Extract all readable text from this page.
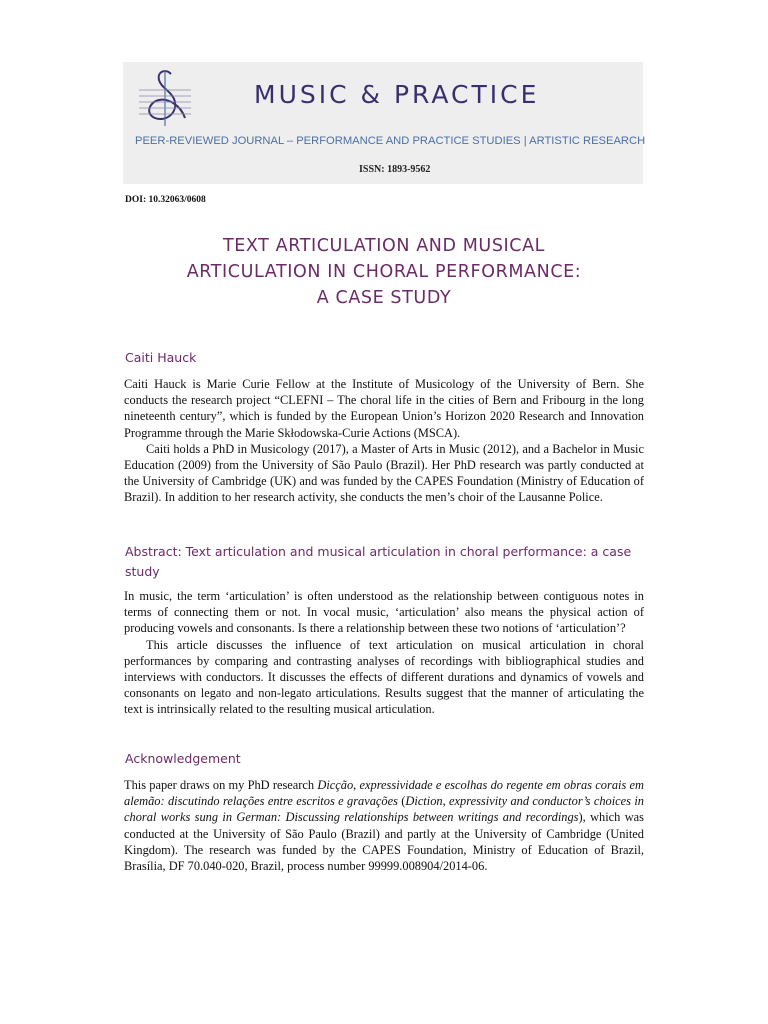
MUSIC & PRACTICE
PEER-REVIEWED JOURNAL – PERFORMANCE AND PRACTICE STUDIES | ARTISTIC RESEARCH
ISSN: 1893-9562
DOI: 10.32063/0608
TEXT ARTICULATION AND MUSICAL
ARTICULATION IN CHORAL PERFORMANCE:
A CASE STUDY
Caiti Hauck

Caiti Hauck is Marie Curie Fellow at the Institute of Musicology of the University of Bern. She conducts the research project “CLEFNI – The choral life in the cities of Bern and Fribourg in the long nineteenth century”, which is funded by the European Union’s Horizon 2020 Research and Innovation Programme through the Marie Skłodowska-Curie Actions (MSCA).

Caiti holds a PhD in Musicology (2017), a Master of Arts in Music (2012), and a Bachelor in Music Education (2009) from the University of São Paulo (Brazil). Her PhD research was partly conducted at the University of Cambridge (UK) and was funded by the CAPES Foundation (Ministry of Education of Brazil). In addition to her research activity, she conducts the men’s choir of the Lausanne Police.

Abstract: Text articulation and musical articulation in choral performance: a case study

In music, the term ‘articulation’ is often understood as the relationship between contiguous notes in terms of connecting them or not. In vocal music, ‘articulation’ also means the physical action of producing vowels and consonants. Is there a relationship between these two notions of ‘articulation’?

This article discusses the influence of text articulation on musical articulation in choral performances by comparing and contrasting analyses of recordings with bibliographical studies and interviews with conductors. It discusses the effects of different durations and dynamics of vowels and consonants on legato and non-legato articulations. Results suggest that the manner of articulating the text is intrinsically related to the resulting musical articulation.

Acknowledgement

This paper draws on my PhD research Dicção, expressividade e escolhas do regente em obras corais em alemão: discutindo relações entre escritos e gravações (Diction, expressivity and conductor’s choices in choral works sung in German: Discussing relationships between writings and recordings), which was conducted at the University of São Paulo (Brazil) and partly at the University of Cambridge (United Kingdom). The research was funded by the CAPES Foundation, Ministry of Education of Brazil, Brasília, DF 70.040-020, Brazil, process number 99999.008904/2014-06.
